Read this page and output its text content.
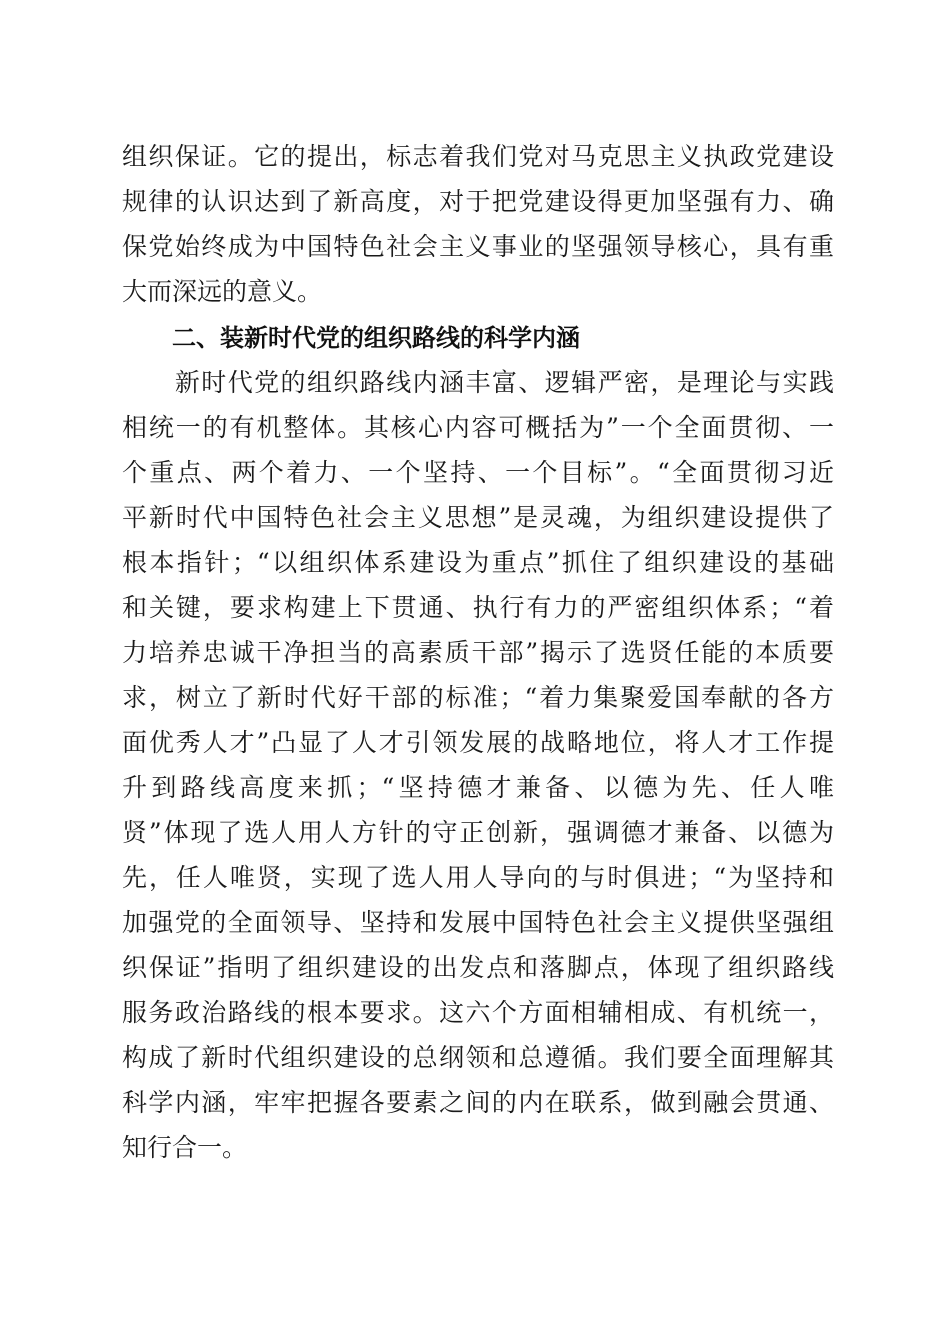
组织保证。它的提出，标志着我们党对马克思主义执政党建设
规律的认识达到了新高度，对于把党建设得更加坚强有力、确
保党始终成为中国特色社会主义事业的坚强领导核心，具有重
大而深远的意义。
二、装新时代党的组织路线的科学内涵
　　新时代党的组织路线内涵丰富、逻辑严密，是理论与实践
相统一的有机整体。其核心内容可概括为”一个全面贯彻、一
个重点、两个着力、一个坚持、一个目标”。“全面贯彻习近
平新时代中国特色社会主义思想”是灵魂，为组织建设提供了
根本指针；“以组织体系建设为重点”抓住了组织建设的基础
和关键，要求构建上下贯通、执行有力的严密组织体系；“着
力培养忠诚干净担当的高素质干部”揭示了选贤任能的本质要
求，树立了新时代好干部的标准；“着力集聚爱国奉献的各方
面优秀人才”凸显了人才引领发展的战略地位，将人才工作提
升到路线高度来抓；“坚持德才兼备、以德为先、任人唯
贤”体现了选人用人方针的守正创新，强调德才兼备、以德为
先，任人唯贤，实现了选人用人导向的与时俱进；“为坚持和
加强党的全面领导、坚持和发展中国特色社会主义提供坚强组
织保证”指明了组织建设的出发点和落脚点，体现了组织路线
服务政治路线的根本要求。这六个方面相辅相成、有机统一，
构成了新时代组织建设的总纲领和总遵循。我们要全面理解其
科学内涵，牢牢把握各要素之间的内在联系，做到融会贯通、
知行合一。
